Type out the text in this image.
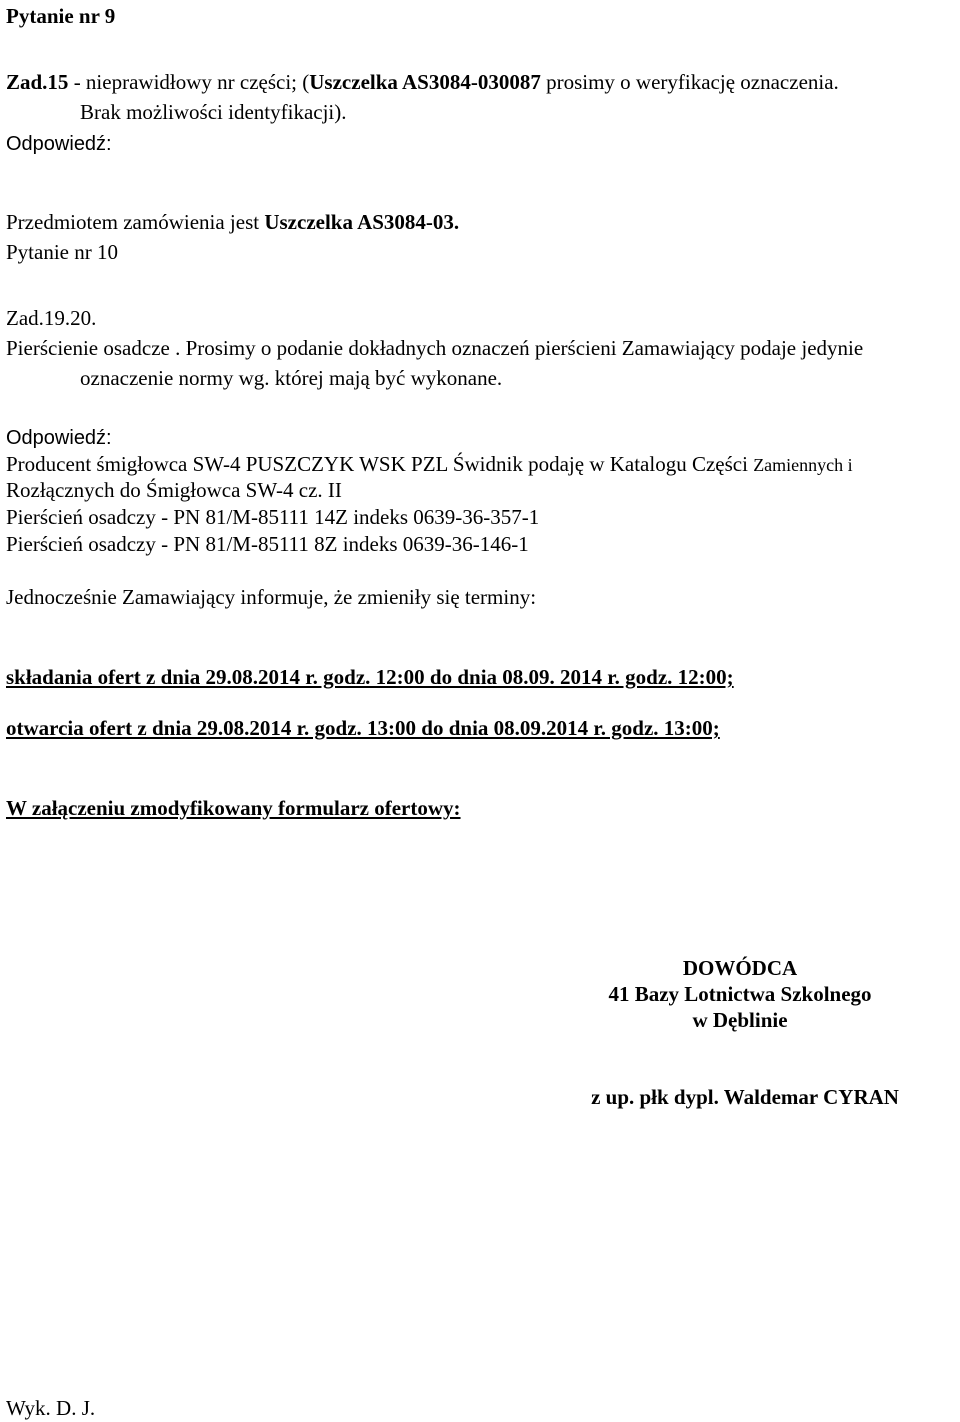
Pytanie nr 9
Zad.15 - nieprawidłowy nr części; (Uszczelka AS3084-030087 prosimy o weryfikację oznaczenia.
Brak możliwości identyfikacji).
Odpowiedź:
Przedmiotem zamówienia jest Uszczelka AS3084-03.
Pytanie nr 10
Zad.19.20.
Pierścienie osadcze . Prosimy o podanie dokładnych oznaczeń pierścieni Zamawiający podaje jedynie
oznaczenie normy wg. której mają być wykonane.
Odpowiedź:
Producent śmigłowca SW-4 PUSZCZYK WSK PZL Świdnik podaję w Katalogu Części Zamiennych i
Rozłącznych do Śmigłowca SW-4 cz. II
Pierścień osadczy - PN 81/M-85111 14Z indeks 0639-36-357-1
Pierścień osadczy - PN 81/M-85111 8Z indeks 0639-36-146-1
Jednocześnie Zamawiający informuje, że zmieniły się terminy:
składania ofert z dnia 29.08.2014 r. godz. 12:00 do dnia 08.09. 2014 r. godz. 12:00;
otwarcia ofert z dnia 29.08.2014 r. godz. 13:00 do dnia 08.09.2014 r. godz. 13:00;
W załączeniu zmodyfikowany formularz ofertowy:
DOWÓDCA
41 Bazy Lotnictwa Szkolnego
w Dęblinie
z up. płk dypl. Waldemar CYRAN
Wyk. D. J.
